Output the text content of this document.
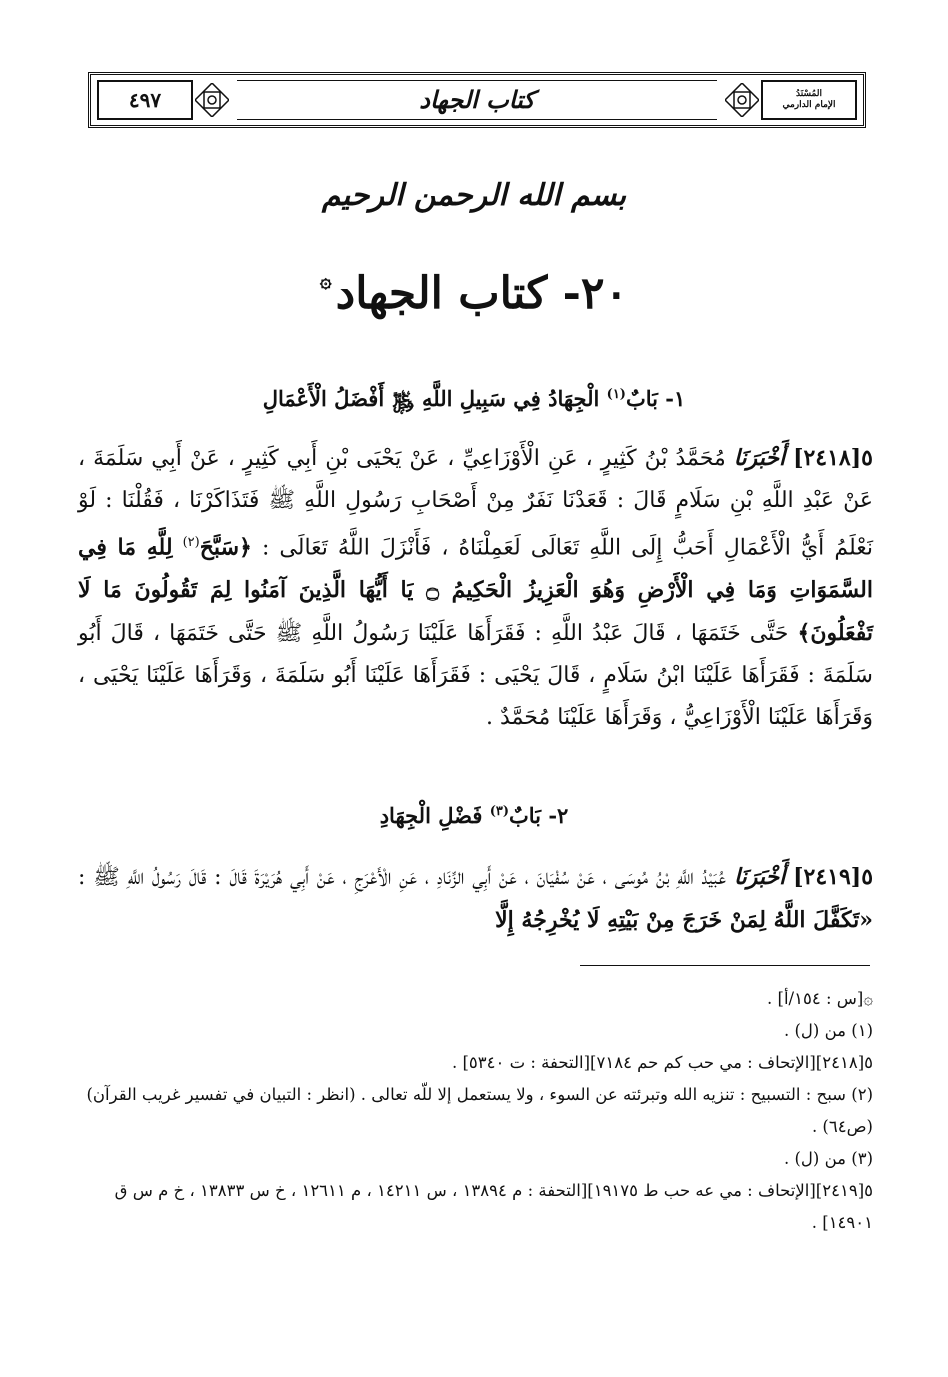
المُسْنَدُ
الإمام الدارمي
كتاب الجهاد
٤٩٧
بسم الله الرحمن الرحيم
٢٠- كتاب الجهاد۞
١- بَابٌ$^{(١)}$ الْجِهَادُ فِي سَبِيلِ اللَّهِ ﷿ أَفْضَلُ الْأَعْمَالِ
٥[٢٤١٨] أَخْبَرَنَا مُحَمَّدُ بْنُ كَثِيرٍ ، عَنِ الْأَوْزَاعِيِّ ، عَنْ يَحْيَى بْنِ أَبِي كَثِيرٍ ، عَنْ أَبِي سَلَمَةَ ، عَنْ عَبْدِ اللَّهِ بْنِ سَلَامٍ قَالَ : قَعَدْنَا نَفَرٌ مِنْ أَصْحَابِ رَسُولِ اللَّهِ ﷺ فَتَذَاكَرْنَا ، فَقُلْنَا : لَوْ نَعْلَمُ أَيُّ الْأَعْمَالِ أَحَبُّ إِلَى اللَّهِ تَعَالَى لَعَمِلْنَاهُ ، فَأَنْزَلَ اللَّهُ تَعَالَى : ﴿سَبَّحَ$^{(٢)}$ لِلَّهِ مَا فِي السَّمَوَاتِ وَمَا فِي الْأَرْضِ وَهُوَ الْعَزِيزُ الْحَكِيمُ ۝ يَا أَيُّهَا الَّذِينَ آمَنُوا لِمَ تَقُولُونَ مَا لَا تَفْعَلُونَ﴾ حَتَّى خَتَمَهَا ، قَالَ عَبْدُ اللَّهِ : فَقَرَأَهَا عَلَيْنَا رَسُولُ اللَّهِ ﷺ حَتَّى خَتَمَهَا ، قَالَ أَبُو سَلَمَةَ : فَقَرَأَهَا عَلَيْنَا ابْنُ سَلَامٍ ، قَالَ يَحْيَى : فَقَرَأَهَا عَلَيْنَا أَبُو سَلَمَةَ ، وَقَرَأَهَا عَلَيْنَا يَحْيَى ، وَقَرَأَهَا عَلَيْنَا الْأَوْزَاعِيُّ ، وَقَرَأَهَا عَلَيْنَا مُحَمَّدٌ .
٢- بَابٌ$^{(٣)}$ فَضْلِ الْجِهَادِ
٥[٢٤١٩] أَخْبَرَنَا عُبَيْدُ اللَّهِ بْنُ مُوسَى ، عَنْ سُفْيَانَ ، عَنْ أَبِي الزِّنَادِ ، عَنِ الْأَعْرَجِ ، عَنْ أَبِي هُرَيْرَةَ قَالَ : قَالَ رَسُولُ اللَّهِ ﷺ : «تَكَفَّلَ اللَّهُ لِمَنْ خَرَجَ مِنْ بَيْتِهِ لَا يُخْرِجُهُ إِلَّا

۞[س : ١٥٤/أ] .

(١) من (ل) .

٥[٢٤١٨][الإتحاف : مي حب كم حم ٧١٨٤][التحفة : ت ٥٣٤٠] .

(٢) سبح : التسبيح : تنزيه الله وتبرئته عن السوء ، ولا يستعمل إلا للّه تعالى . (انظر : التبيان في تفسير غريب القرآن) (ص٦٤) .

(٣) من (ل) .

٥[٢٤١٩][الإتحاف : مي عه حب ط ١٩١٧٥][التحفة : م ١٣٨٩٤ ، س ١٤٢١١ ، م ١٢٦١١ ، خ س ١٣٨٣٣ ، خ م س ق ١٤٩٠١] .
